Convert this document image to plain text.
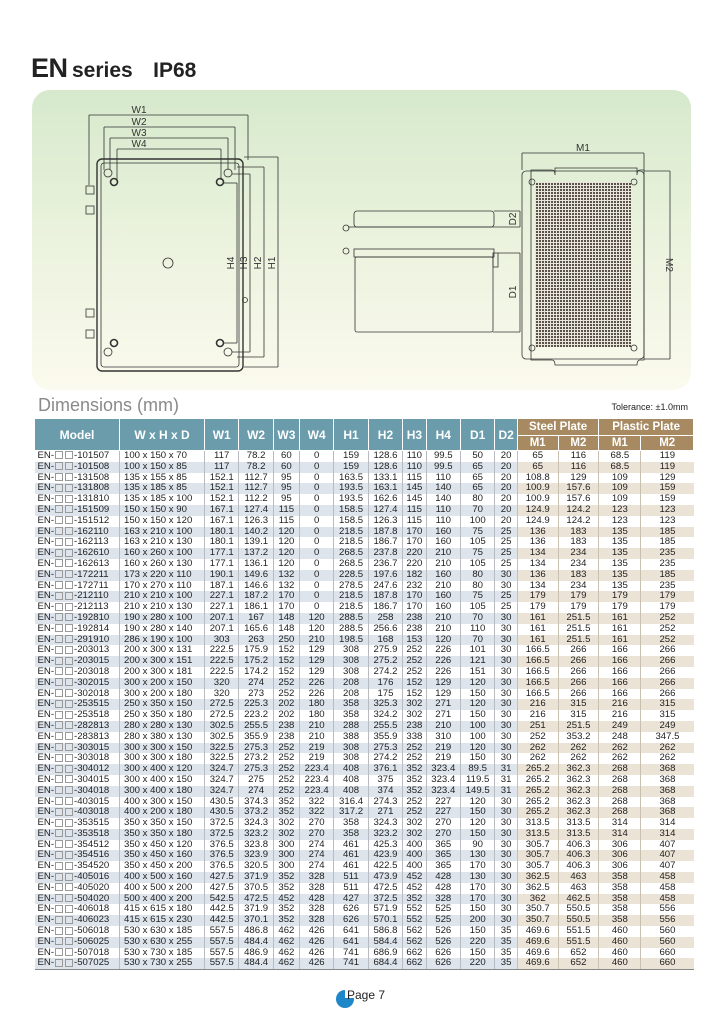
EN series IP68
W1
W2
W3
W4
H4 H3 H2 H1
D2
D1
M1
M2
Dimensions (mm)	Tolerance: ±1.0mm
Model	W x H x D	W1	W2	W3	W4	H1	H2	H3	H4	D1	D2	Steel Plate		Plastic Plate	
												M1	M2	M1	M2
EN- -101507	100 x 150 x 70	117	78.2	60	0	159	128.6	110	99.5	50	20	65	116	68.5	119
EN- -101508	100 x 150 x 85	117	78.2	60	0	159	128.6	110	99.5	65	20	65	116	68.5	119
EN- -131508	135 x 155 x 85	152.1	112.7	95	0	163.5	133.1	115	110	65	20	108.8	129	109	129
EN- -131808	135 x 185 x 85	152.1	112.7	95	0	193.5	163.1	145	140	65	20	100.9	157.6	109	159
EN- -131810	135 x 185 x 100	152.1	112.2	95	0	193.5	162.6	145	140	80	20	100.9	157.6	109	159
EN- -151509	150 x 150 x 90	167.1	127.4	115	0	158.5	127.4	115	110	70	20	124.9	124.2	123	123
EN- -151512	150 x 150 x 120	167.1	126.3	115	0	158.5	126.3	115	110	100	20	124.9	124.2	123	123
EN- -162110	163 x 210 x 100	180.1	140.2	120	0	218.5	187.8	170	160	75	25	136	183	135	185
EN- -162113	163 x 210 x 130	180.1	139.1	120	0	218.5	186.7	170	160	105	25	136	183	135	185
EN- -162610	160 x 260 x 100	177.1	137.2	120	0	268.5	237.8	220	210	75	25	134	234	135	235
EN- -162613	160 x 260 x 130	177.1	136.1	120	0	268.5	236.7	220	210	105	25	134	234	135	235
EN- -172211	173 x 220 x 110	190.1	149.6	132	0	228.5	197.6	182	160	80	30	136	183	135	185
EN- -172711	170 x 270 x 110	187.1	146.6	132	0	278.5	247.6	232	210	80	30	134	234	135	235
EN- -212110	210 x 210 x 100	227.1	187.2	170	0	218.5	187.8	170	160	75	25	179	179	179	179
EN- -212113	210 x 210 x 130	227.1	186.1	170	0	218.5	186.7	170	160	105	25	179	179	179	179
EN- -192810	190 x 280 x 100	207.1	167	148	120	288.5	258	238	210	70	30	161	251.5	161	252
EN- -192814	190 x 280 x 140	207.1	165.6	148	120	288.5	256.6	238	210	110	30	161	251.5	161	252
EN- -291910	286 x 190 x 100	303	263	250	210	198.5	168	153	120	70	30	161	251.5	161	252
EN- -203013	200 x 300 x 131	222.5	175.9	152	129	308	275.9	252	226	101	30	166.5	266	166	266
EN- -203015	200 x 300 x 151	222.5	175.2	152	129	308	275.2	252	226	121	30	166.5	266	166	266
EN- -203018	200 x 300 x 181	222.5	174.2	152	129	308	274.2	252	226	151	30	166.5	266	166	266
EN- -302015	300 x 200 x 150	320	274	252	226	208	176	152	129	120	30	166.5	266	166	266
EN- -302018	300 x 200 x 180	320	273	252	226	208	175	152	129	150	30	166.5	266	166	266
EN- -253515	250 x 350 x 150	272.5	225.3	202	180	358	325.3	302	271	120	30	216	315	216	315
EN- -253518	250 x 350 x 180	272.5	223.2	202	180	358	324.2	302	271	150	30	216	315	216	315
EN- -282813	280 x 280 x 130	302.5	255.5	238	210	288	255.5	238	210	100	30	251	251.5	249	249
EN- -283813	280 x 380 x 130	302.5	355.9	238	210	388	355.9	338	310	100	30	252	353.2	248	347.5
EN- -303015	300 x 300 x 150	322.5	275.3	252	219	308	275.3	252	219	120	30	262	262	262	262
EN- -303018	300 x 300 x 180	322.5	273.2	252	219	308	274.2	252	219	150	30	262	262	262	262
EN- -304012	300 x 400 x 120	324.7	275.3	252	223.4	408	376.1	352	323.4	89.5	31	265.2	362.3	268	368
EN- -304015	300 x 400 x 150	324.7	275	252	223.4	408	375	352	323.4	119.5	31	265.2	362.3	268	368
EN- -304018	300 x 400 x 180	324.7	274	252	223.4	408	374	352	323.4	149.5	31	265.2	362.3	268	368
EN- -403015	400 x 300 x 150	430.5	374.3	352	322	316.4	274.3	252	227	120	30	265.2	362.3	268	368
EN- -403018	400 x 200 x 180	430.5	373.2	352	322	317.2	271	252	227	150	30	265.2	362.3	268	368
EN- -353515	350 x 350 x 150	372.5	324.3	302	270	358	324.3	302	270	120	30	313.5	313.5	314	314
EN- -353518	350 x 350 x 180	372.5	323.2	302	270	358	323.2	302	270	150	30	313.5	313.5	314	314
EN- -354512	350 x 450 x 120	376.5	323.8	300	274	461	425.3	400	365	90	30	305.7	406.3	306	407
EN- -354516	350 x 450 x 160	376.5	323.9	300	274	461	423.9	400	365	130	30	305.7	406.3	306	407
EN- -354520	350 x 450 x 200	376.5	320.5	300	274	461	422.5	400	365	170	30	305.7	406.3	306	407
EN- -405016	400 x 500 x 160	427.5	371.9	352	328	511	473.9	452	428	130	30	362.5	463	358	458
EN- -405020	400 x 500 x 200	427.5	370.5	352	328	511	472.5	452	428	170	30	362.5	463	358	458
EN- -504020	500 x 400 x 200	542.5	472.5	452	428	427	372.5	352	328	170	30	362	462.5	358	458
EN- -406018	415 x 615 x 180	442.5	371.9	352	328	626	571.9	552	525	150	30	350.7	550.5	358	556
EN- -406023	415 x 615 x 230	442.5	370.1	352	328	626	570.1	552	525	200	30	350.7	550.5	358	556
EN- -506018	530 x 630 x 185	557.5	486.8	462	426	641	586.8	562	526	150	35	469.6	551.5	460	560
EN- -506025	530 x 630 x 255	557.5	484.4	462	426	641	584.4	562	526	220	35	469.6	551.5	460	560
EN- -507018	530 x 730 x 185	557.5	486.9	462	426	741	686.9	662	626	150	35	469.6	652	460	660
EN- -507025	530 x 730 x 255	557.5	484.4	462	426	741	684.4	662	626	220	35	469.6	652	460	660
Page 7
